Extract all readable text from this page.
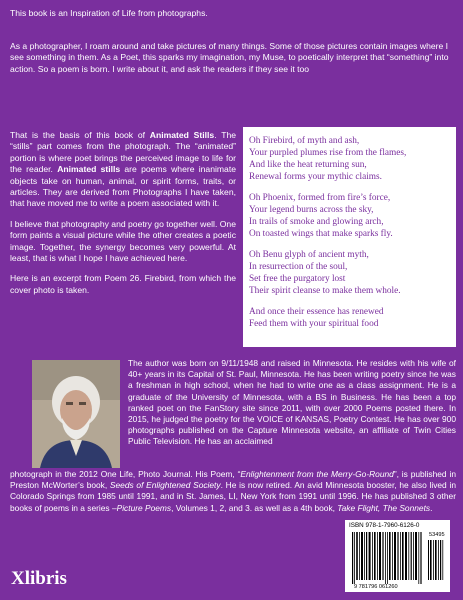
This book is an Inspiration of Life from photographs.

As a photographer, I roam around and take pictures of many things. Some of those pictures contain images where I see something in them. As a Poet, this sparks my imagination, my Muse, to poetically interpret that “something” into action. So a poem is born. I write about it, and ask the readers if they see it too

That is the basis of this book of Animated Stills. The “stills” part comes from the photograph. The “animated” portion is where poet brings the perceived image to life for the reader. Animated stills are poems where inanimate objects take on human, animal, or spirit forms, traits, or articles. They are derived from Photographs I have taken, that have moved me to write a poem associated with it.

I believe that photography and poetry go together well. One form paints a visual picture while the other creates a poetic image. Together, the synergy becomes very powerful. At least, that is what I hope I have achieved here.

Here is an excerpt from Poem 26. Firebird, from which the cover photo is taken.

Oh Firebird, of myth and ash,
Your purpled plumes rise from the flames,
And like the heat returning sun,
Renewal forms your mythic claims.
Oh Phoenix, formed from fire’s force,
Your legend burns across the sky,
In trails of smoke and glowing arch,
On toasted wings that make sparks fly.
Oh Benu glyph of ancient myth,
In resurrection of the soul,
Set free the purgatory lost
Their spirit cleanse to make them whole.
And once their essence has renewed
Feed them with your spiritual food
The author was born on 9/11/1948 and raised in Minnesota. He resides with his wife of 40+ years in its Capital of St. Paul, Minnesota. He has been writing poetry since he was a freshman in high school, when he had to write one as a class assignment. He is a graduate of the University of Minnesota, with a BS in Business. He has been a top ranked poet on the FanStory site since 2011, with over 2000 Poems posted there. In 2015, he judged the poetry for the VOICE of KANSAS, Poetry Contest. He has over 900 photographs published on the Capture Minnesota website, an affiliate of Twin Cities Public Television. He has an acclaimed
photograph in the 2012 One Life, Photo Journal. His Poem, “Enlightenment from the Merry-Go-Round”, is published in Preston McWorter’s book, Seeds of Enlightened Society. He is now retired. An avid Minnesota booster, he also lived in Colorado Springs from 1985 until 1991, and in St. James, LI, New York from 1991 until 1996. He has published 3 other books of poems in a series –Picture Poems, Volumes 1, 2, and 3. as well as a 4th book, Take Flight, The Sonnets.
Xlibris
ISBN 978-1-7960-6126-0
53495
9 781796 061260
